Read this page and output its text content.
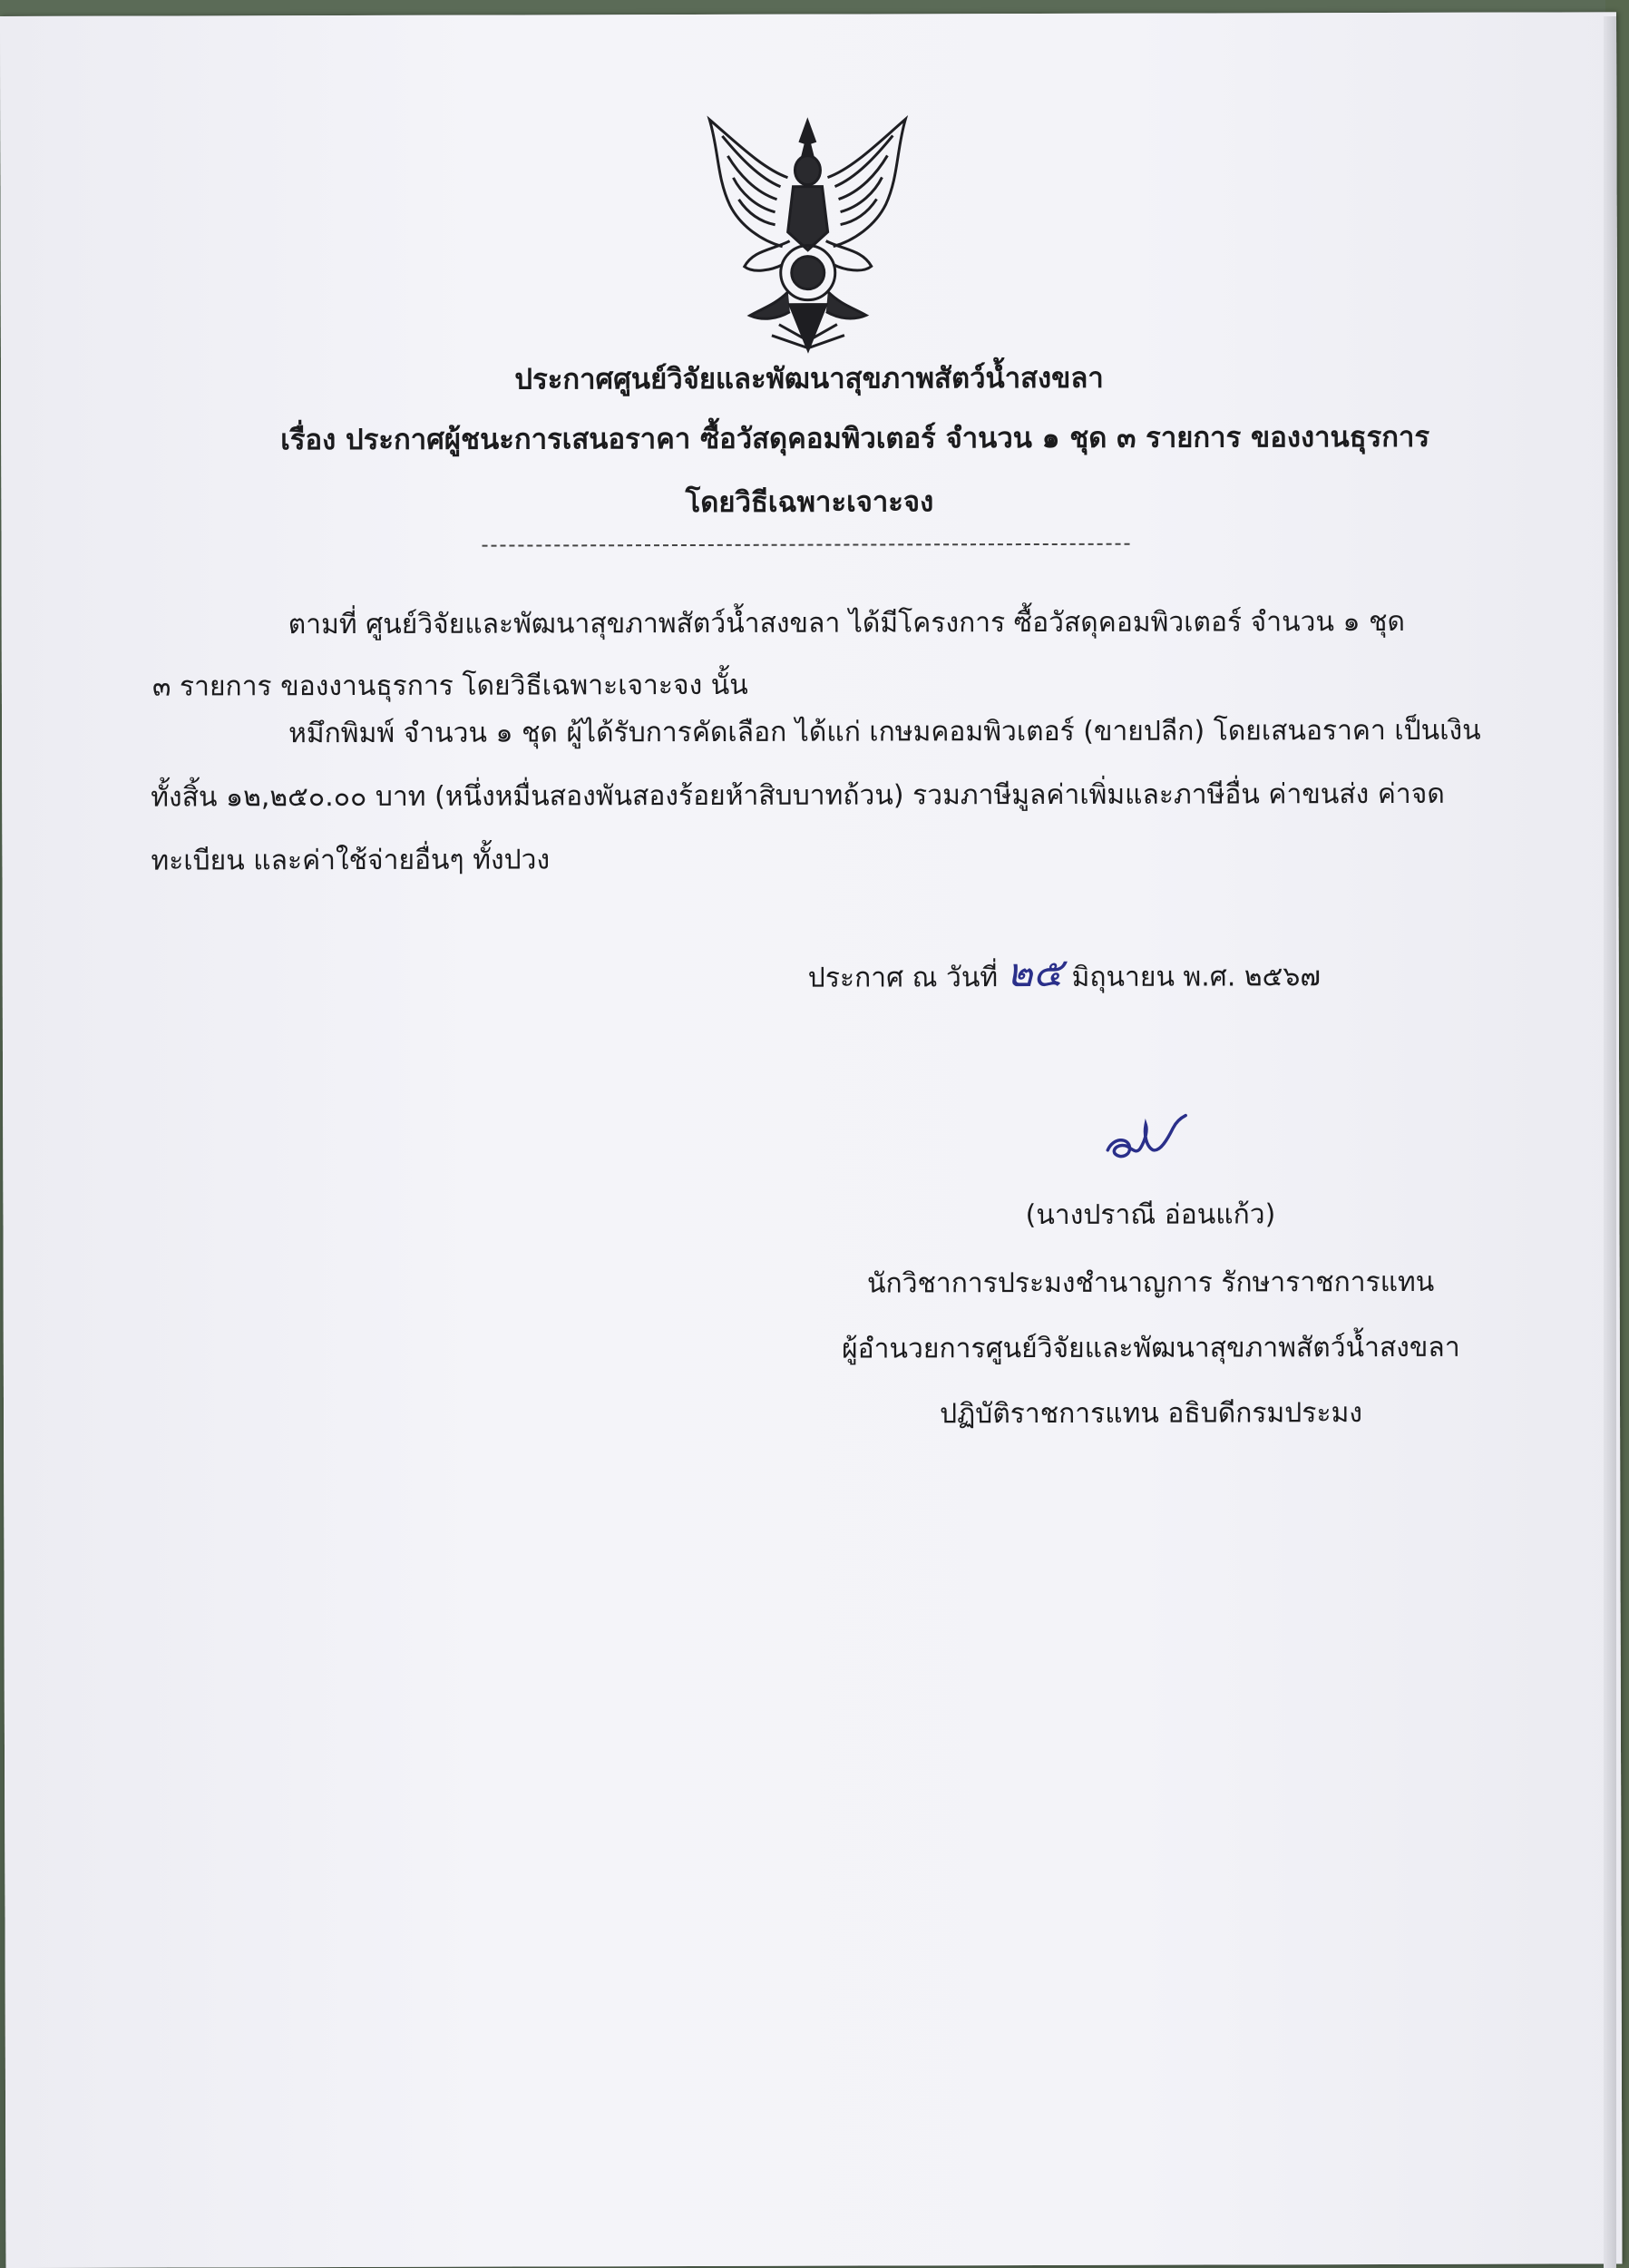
ประกาศศูนย์วิจัยและพัฒนาสุขภาพสัตว์น้ำสงขลา
เรื่อง ประกาศผู้ชนะการเสนอราคา ซื้อวัสดุคอมพิวเตอร์ จำนวน ๑ ชุด ๓ รายการ ของงานธุรการ
โดยวิธีเฉพาะเจาะจง
ตามที่ ศูนย์วิจัยและพัฒนาสุขภาพสัตว์น้ำสงขลา ได้มีโครงการ ซื้อวัสดุคอมพิวเตอร์ จำนวน ๑ ชุด
๓ รายการ ของงานธุรการ โดยวิธีเฉพาะเจาะจง นั้น
หมึกพิมพ์ จำนวน ๑ ชุด ผู้ได้รับการคัดเลือก ได้แก่ เกษมคอมพิวเตอร์ (ขายปลีก) โดยเสนอราคา เป็นเงิน
ทั้งสิ้น ๑๒,๒๕๐.๐๐ บาท (หนึ่งหมื่นสองพันสองร้อยห้าสิบบาทถ้วน) รวมภาษีมูลค่าเพิ่มและภาษีอื่น ค่าขนส่ง ค่าจด
ทะเบียน และค่าใช้จ่ายอื่นๆ ทั้งปวง
ประกาศ ณ วันที่ ๒๕ มิถุนายน พ.ศ. ๒๕๖๗
(นางปราณี อ่อนแก้ว)
นักวิชาการประมงชำนาญการ รักษาราชการแทน
ผู้อำนวยการศูนย์วิจัยและพัฒนาสุขภาพสัตว์น้ำสงขลา
ปฏิบัติราชการแทน อธิบดีกรมประมง
